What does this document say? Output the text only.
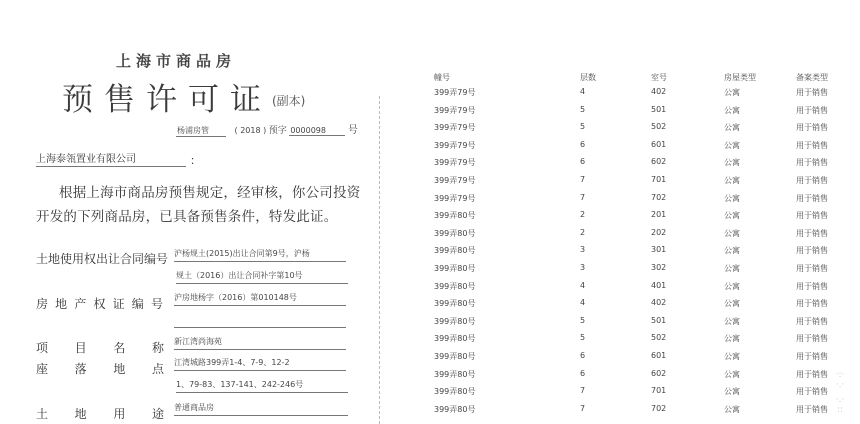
上海市商品房
预售许可证 (副本)
杨浦房管	( 2018 ) 预字 0000098 号
上海泰瓴置业有限公司	：
根据上海市商品房预售规定，经审核，你公司投资开发的下列商品房，已具备预售条件，特发此证。
土地使用权出让合同编号 沪杨规土(2015)出让合同第9号，沪杨
规土（2016）出让合同补字第10号
房 地 产 权 证 编 号 沪房地杨字（2016）第010148号
项 目 名 称 新江湾尚海苑
座 落 地 点 江湾城路399弄1-4、7-9、12-2
1、79-83、137-141、242-246号
土 地 用 途 普通商品房
幢号	层数	室号	房屋类型	备案类型
399弄79号	4	402	公寓	用于销售
399弄79号	5	501	公寓	用于销售
399弄79号	5	502	公寓	用于销售
399弄79号	6	601	公寓	用于销售
399弄79号	6	602	公寓	用于销售
399弄79号	7	701	公寓	用于销售
399弄79号	7	702	公寓	用于销售
399弄80号	2	201	公寓	用于销售
399弄80号	2	202	公寓	用于销售
399弄80号	3	301	公寓	用于销售
399弄80号	3	302	公寓	用于销售
399弄80号	4	401	公寓	用于销售
399弄80号	4	402	公寓	用于销售
399弄80号	5	501	公寓	用于销售
399弄80号	5	502	公寓	用于销售
399弄80号	6	601	公寓	用于销售
399弄80号	6	602	公寓	用于销售
399弄80号	7	701	公寓	用于销售
399弄80号	7	702	公寓	用于销售
·:·
·.·
·.·
::
